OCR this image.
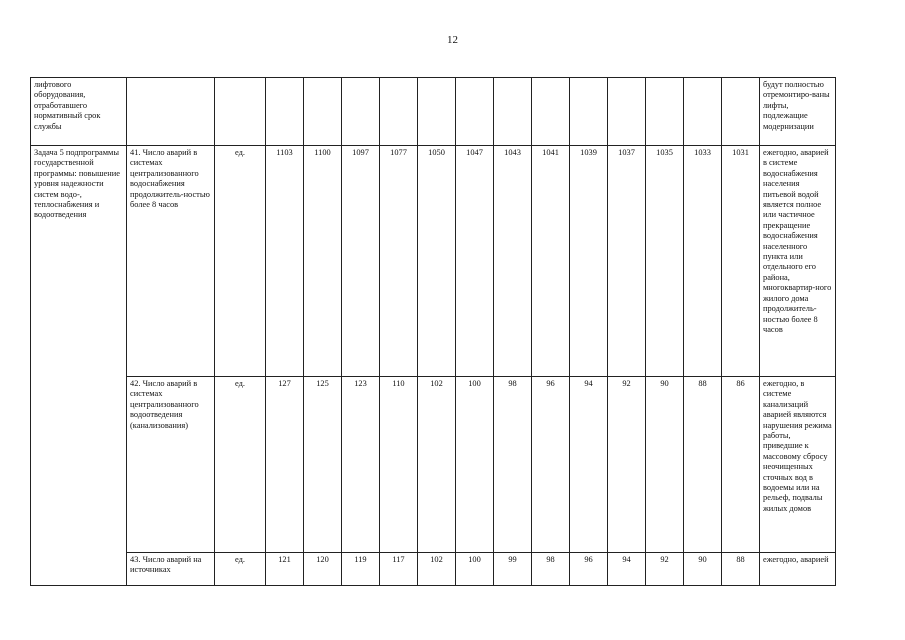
12
лифтового оборудования, отработавшего нормативный срок службы																будут полностью отремонтиро-ваны лифты, подлежащие модернизации
Задача 5 подпрограммы государственной программы: повышение уровня надежности систем водо-, теплоснабжения и водоотведения	41. Число аварий в системах централизованного водоснабжения продолжитель-ностью более 8 часов	ед.	1103	1100	1097	1077	1050	1047	1043	1041	1039	1037	1035	1033	1031	ежегодно, аварией в системе водоснабжения населения питьевой водой является полное или частичное прекращение водоснабжения населенного пункта или отдельного его района, многоквартир-ного жилого дома продолжитель-ностью более 8 часов
	42. Число аварий в системах централизованного водоотведения (канализования)	ед.	127	125	123	110	102	100	98	96	94	92	90	88	86	ежегодно, в системе канализаций аварией являются нарушения режима работы, приведшие к массовому сбросу неочищенных сточных вод в водоемы или на рельеф, подвалы жилых домов
	43. Число аварий на источниках	ед.	121	120	119	117	102	100	99	98	96	94	92	90	88	ежегодно, аварией
